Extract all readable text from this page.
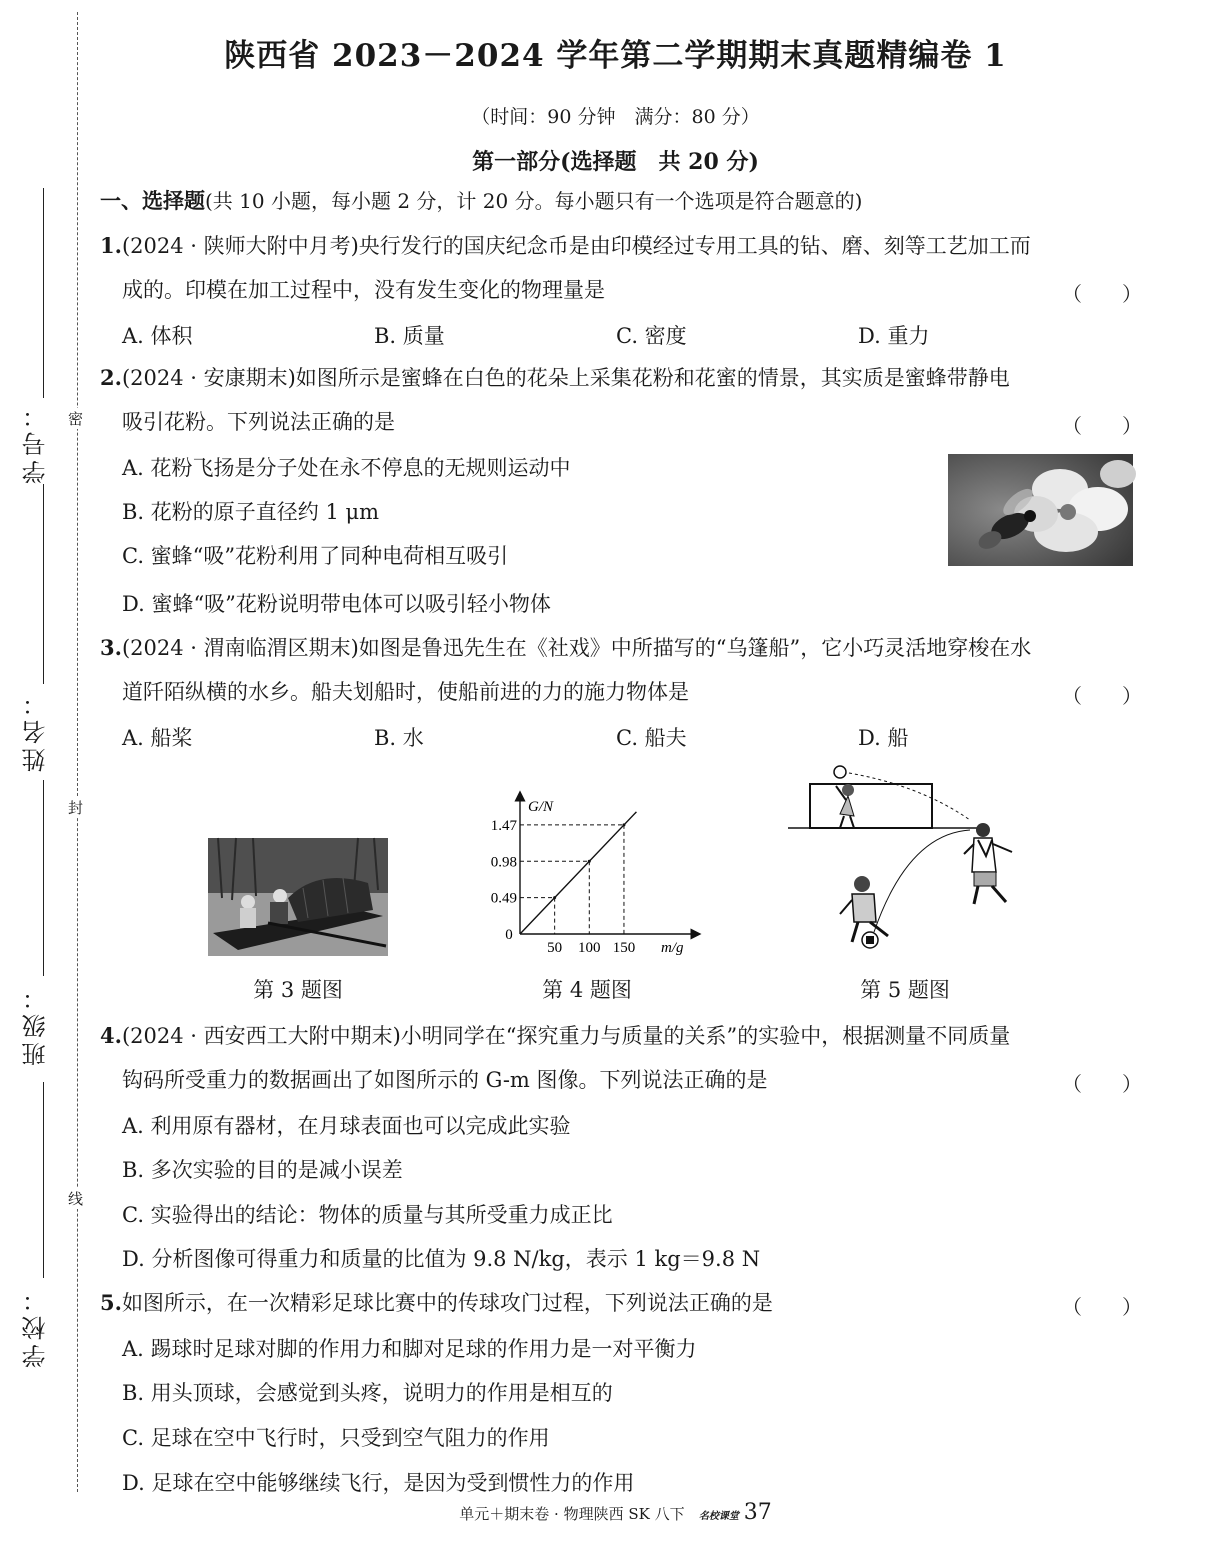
密
封
线
学号：
姓名：
班级：
学校：
陕西省 2023－2024 学年第二学期期末真题精编卷 1
（时间：90 分钟　满分：80 分）
第一部分(选择题　共 20 分)
一、选择题(共 10 小题，每小题 2 分，计 20 分。每小题只有一个选项是符合题意的)
1.(2024 · 陕师大附中月考)央行发行的国庆纪念币是由印模经过专用工具的钻、磨、刻等工艺加工而
成的。印模在加工过程中，没有发生变化的物理量是	（　　）
A. 体积	B. 质量	C. 密度	D. 重力
2.(2024 · 安康期末)如图所示是蜜蜂在白色的花朵上采集花粉和花蜜的情景，其实质是蜜蜂带静电
吸引花粉。下列说法正确的是	（　　）
A. 花粉飞扬是分子处在永不停息的无规则运动中
B. 花粉的原子直径约 1 μm
C. 蜜蜂“吸”花粉利用了同种电荷相互吸引
D. 蜜蜂“吸”花粉说明带电体可以吸引轻小物体
3.(2024 · 渭南临渭区期末)如图是鲁迅先生在《社戏》中所描写的“乌篷船”，它小巧灵活地穿梭在水
道阡陌纵横的水乡。船夫划船时，使船前进的力的施力物体是	（　　）
A. 船桨	B. 水	C. 船夫	D. 船
0.49
0.98
1.47
50 100 150
0
G/N
m/g
第 3 题图	第 4 题图	第 5 题图
4.(2024 · 西安西工大附中期末)小明同学在“探究重力与质量的关系”的实验中，根据测量不同质量
钩码所受重力的数据画出了如图所示的 G-m 图像。下列说法正确的是	（　　）
A. 利用原有器材，在月球表面也可以完成此实验
B. 多次实验的目的是减小误差
C. 实验得出的结论：物体的质量与其所受重力成正比
D. 分析图像可得重力和质量的比值为 9.8 N/kg，表示 1 kg＝9.8 N
5.如图所示，在一次精彩足球比赛中的传球攻门过程，下列说法正确的是	（　　）
A. 踢球时足球对脚的作用力和脚对足球的作用力是一对平衡力
B. 用头顶球，会感觉到头疼，说明力的作用是相互的
C. 足球在空中飞行时，只受到空气阻力的作用
D. 足球在空中能够继续飞行，是因为受到惯性力的作用
单元＋期末卷 · 物理陕西 SK 八下 名校课堂 37
